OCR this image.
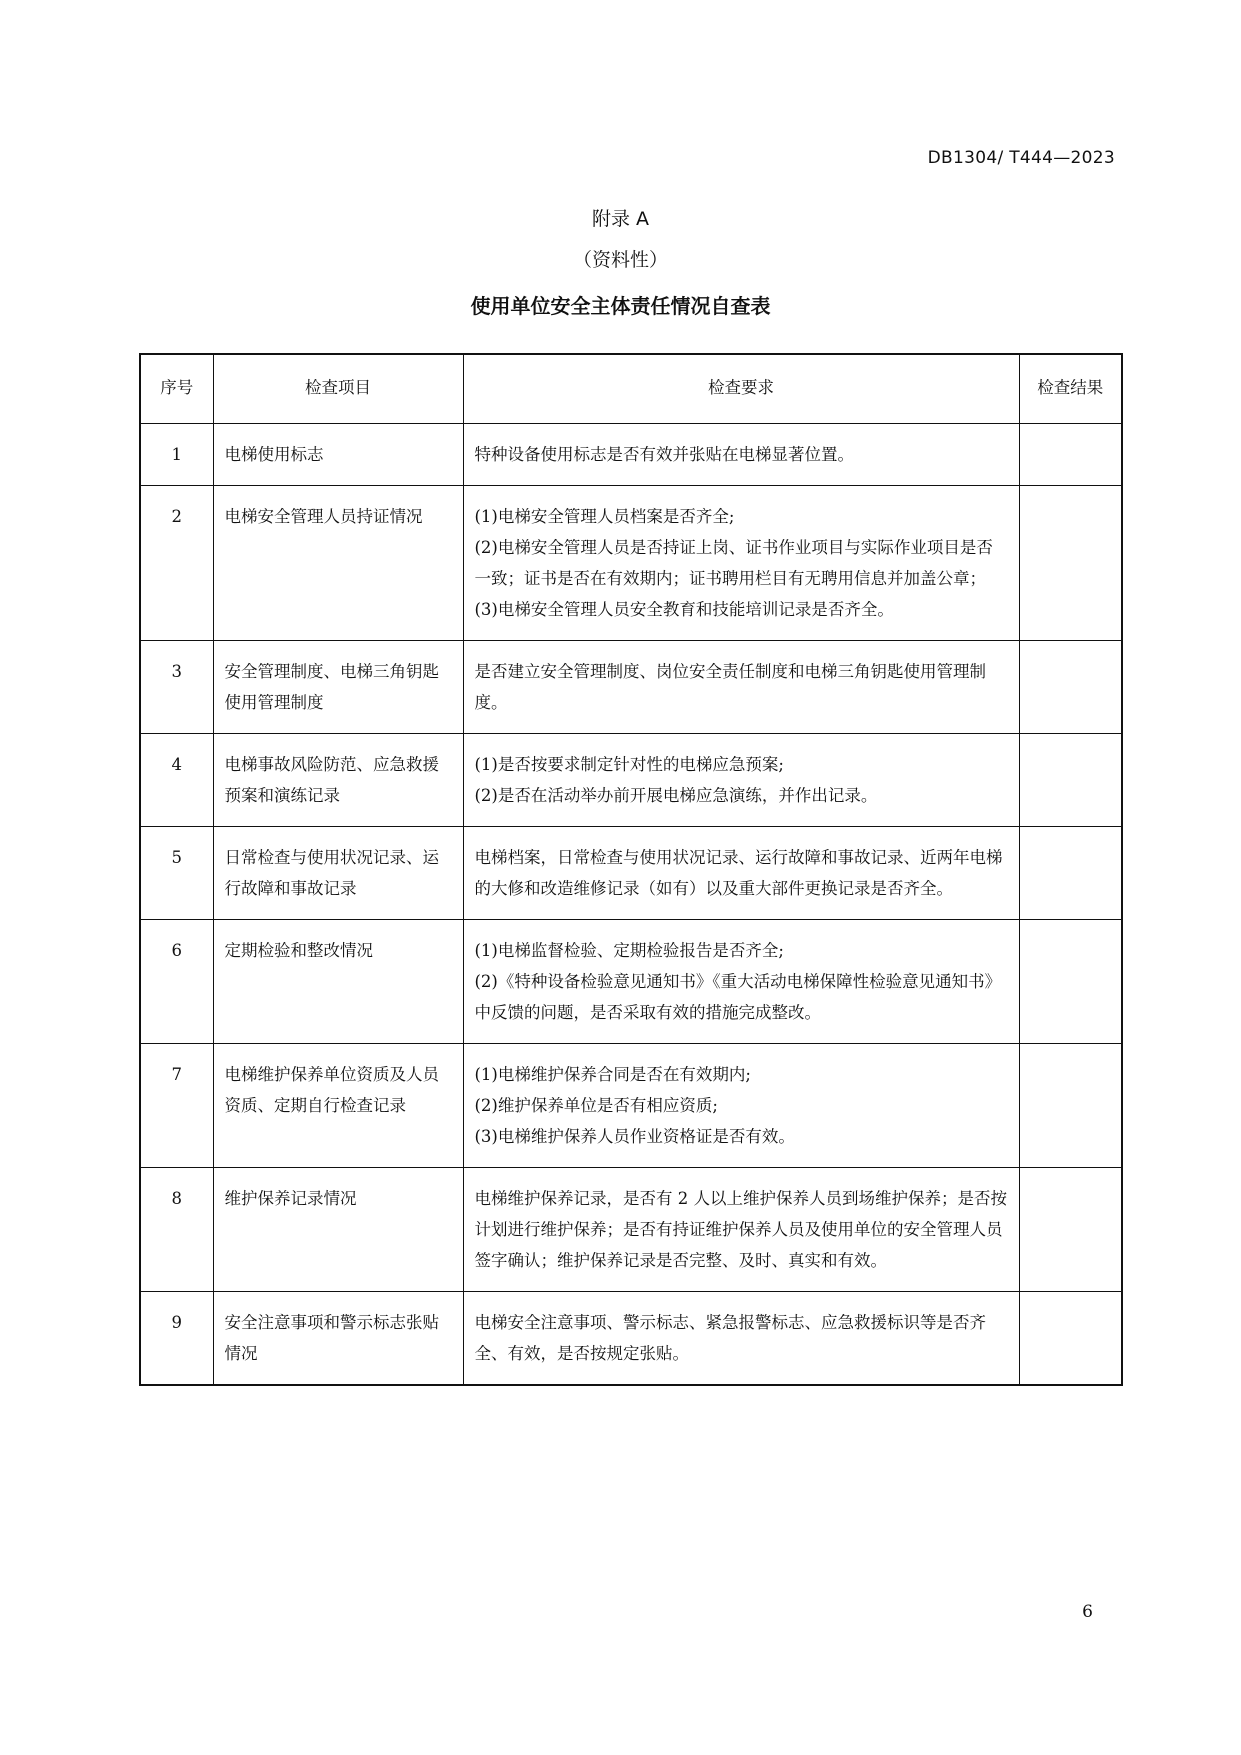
DB1304/ T444—2023
附录 A
（资料性）
使用单位安全主体责任情况自查表
序号	检查项目	检查要求	检查结果
1	电梯使用标志	特种设备使用标志是否有效并张贴在电梯显著位置。	

2	电梯安全管理人员持证情况	(1)电梯安全管理人员档案是否齐全;
(2)电梯安全管理人员是否持证上岗、证书作业项目与实际作业项目是否一致；证书是否在有效期内；证书聘用栏目有无聘用信息并加盖公章；(3)电梯安全管理人员安全教育和技能培训记录是否齐全。	

3	安全管理制度、电梯三角钥匙使用管理制度	是否建立安全管理制度、岗位安全责任制度和电梯三角钥匙使用管理制度。	

4	电梯事故风险防范、应急救援预案和演练记录	(1)是否按要求制定针对性的电梯应急预案;
(2)是否在活动举办前开展电梯应急演练，并作出记录。	

5	日常检查与使用状况记录、运行故障和事故记录	电梯档案，日常检查与使用状况记录、运行故障和事故记录、近两年电梯的大修和改造维修记录（如有）以及重大部件更换记录是否齐全。	

6	定期检验和整改情况	(1)电梯监督检验、定期检验报告是否齐全;
(2)《特种设备检验意见通知书》《重大活动电梯保障性检验意见通知书》中反馈的问题，是否采取有效的措施完成整改。	

7	电梯维护保养单位资质及人员资质、定期自行检查记录	(1)电梯维护保养合同是否在有效期内;
(2)维护保养单位是否有相应资质;
(3)电梯维护保养人员作业资格证是否有效。	

8	维护保养记录情况	电梯维护保养记录，是否有 2 人以上维护保养人员到场维护保养；是否按计划进行维护保养；是否有持证维护保养人员及使用单位的安全管理人员签字确认；维护保养记录是否完整、及时、真实和有效。	

9	安全注意事项和警示标志张贴情况	电梯安全注意事项、警示标志、紧急报警标志、应急救援标识等是否齐全、有效，是否按规定张贴。	

6
